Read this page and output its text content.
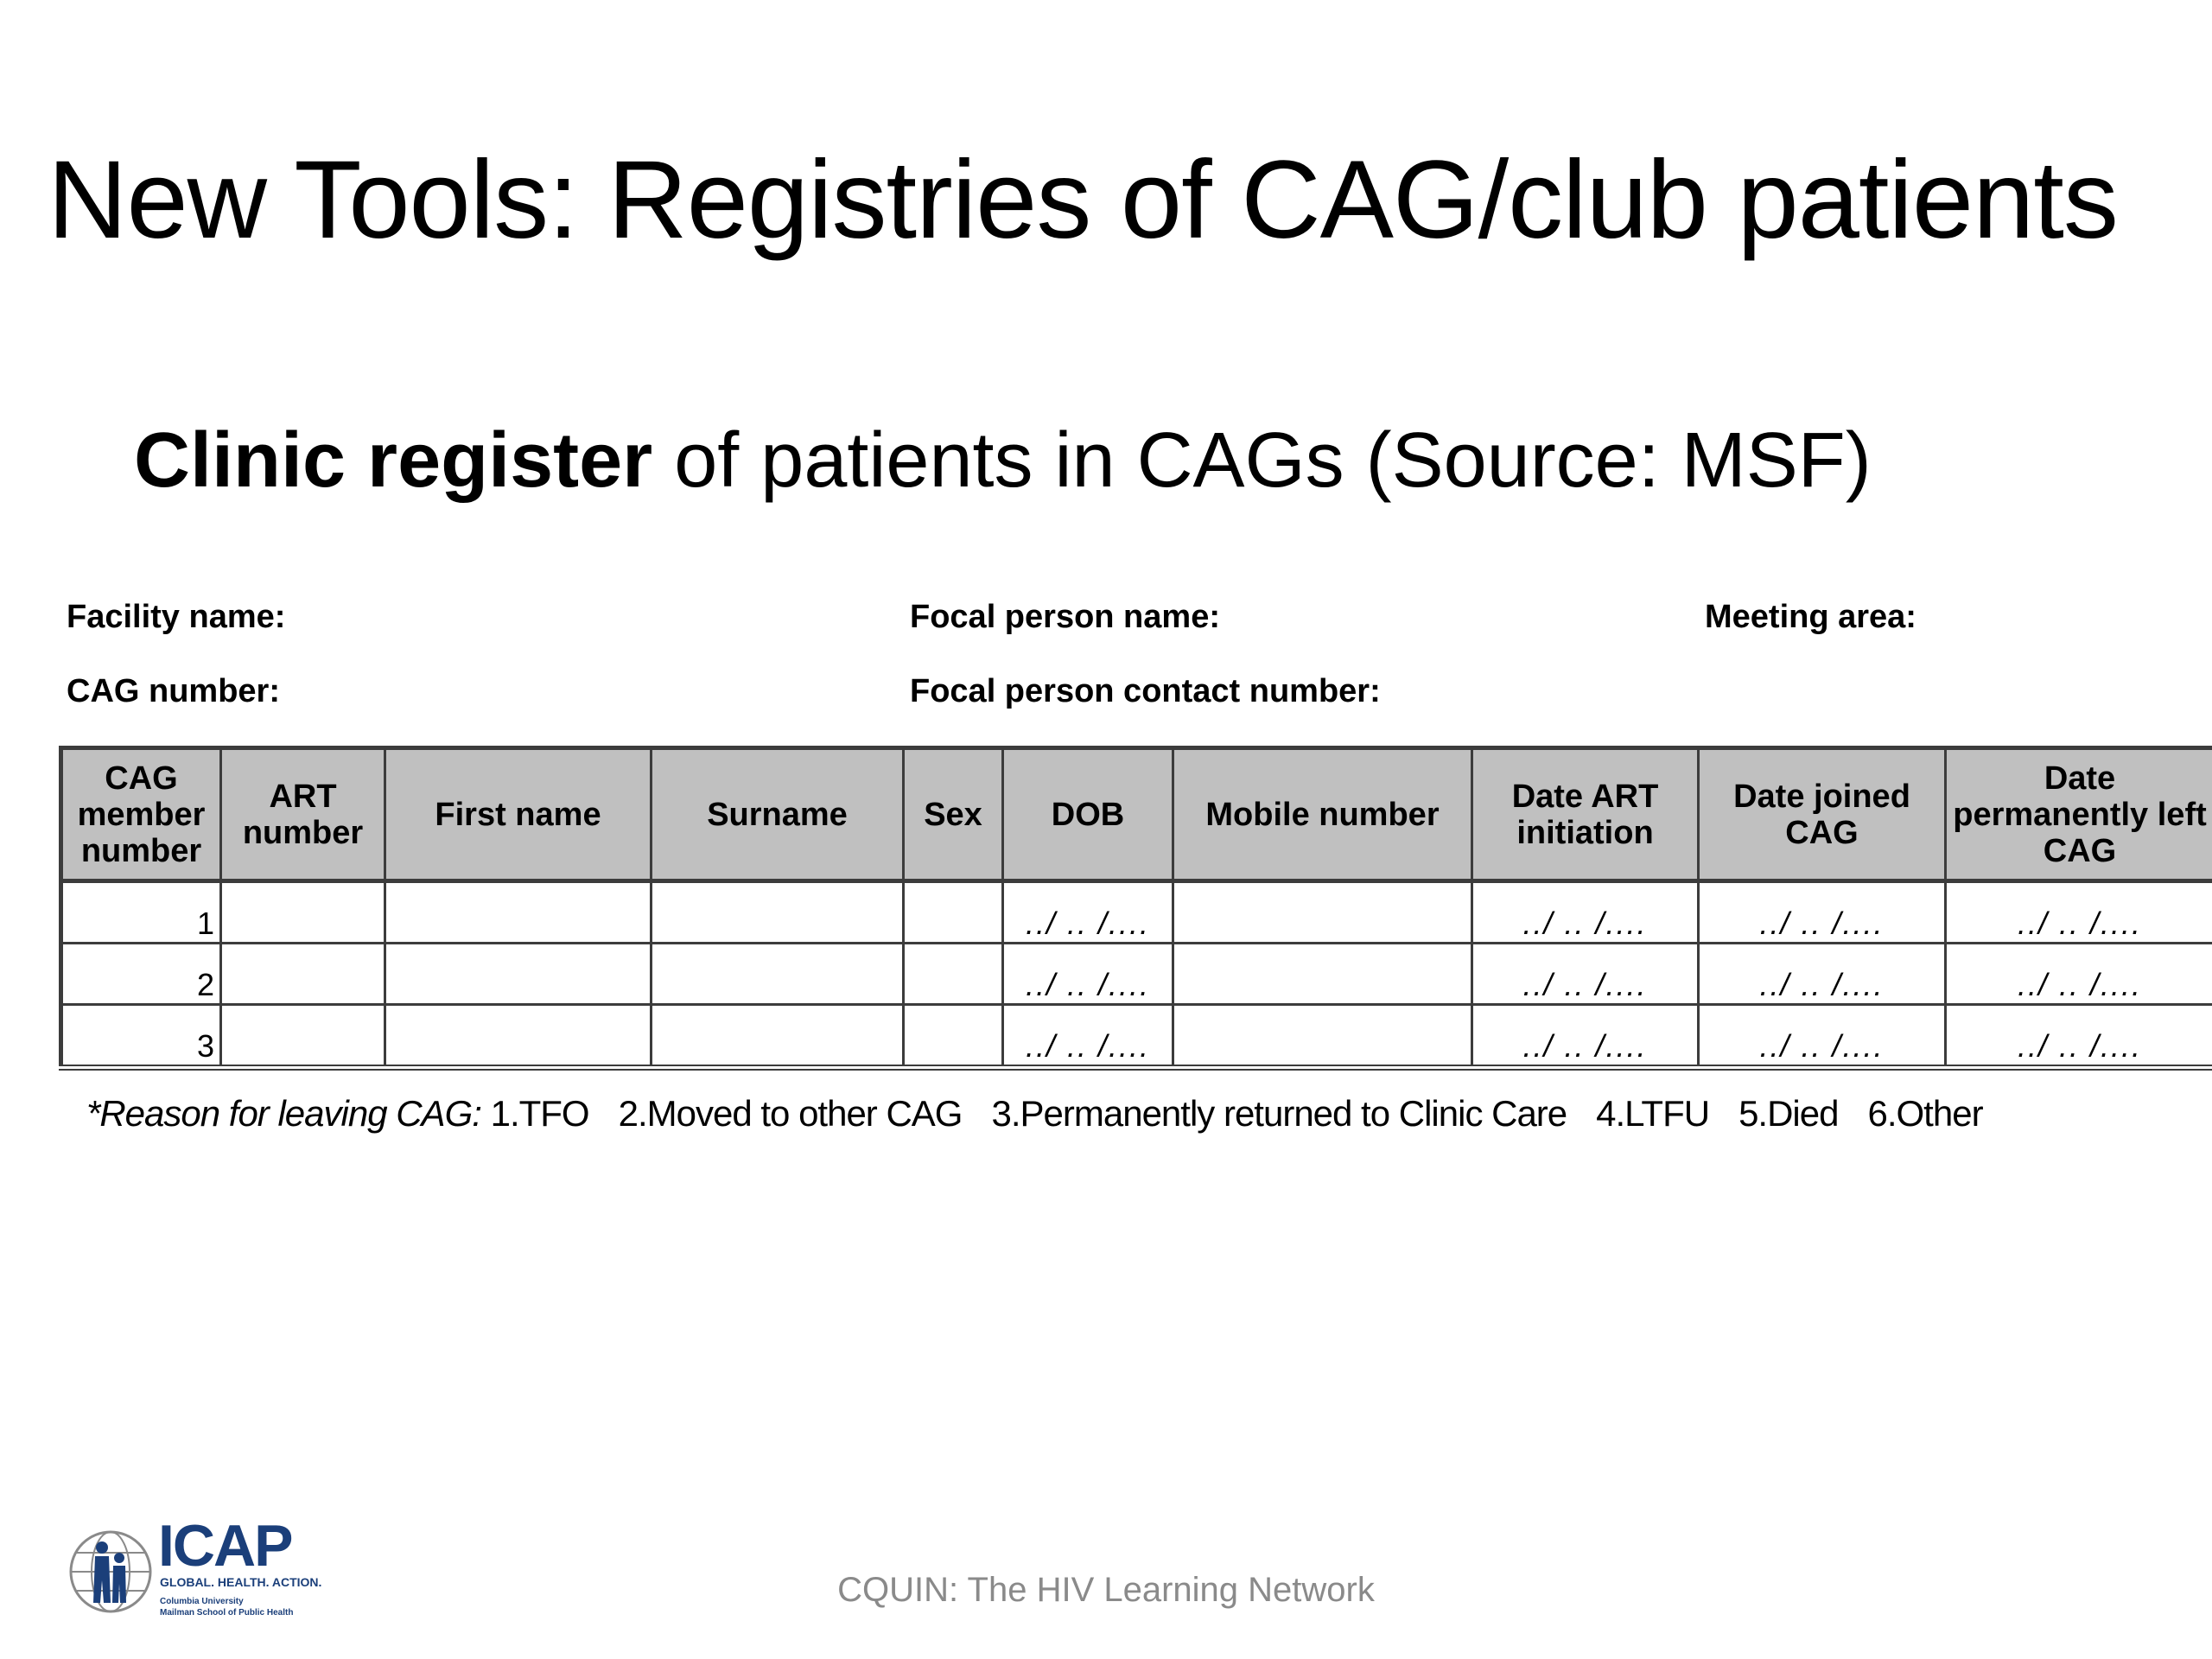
New Tools: Registries of CAG/club patients
Clinic register of patients in CAGs (Source: MSF)
Facility name:	Focal person name:	Meeting area:
CAG number:	Focal person contact number:
CAG member number	ART number	First name	Surname	Sex	DOB	Mobile number	Date ART initiation	Date joined CAG	Date permanently left CAG
1					../ .. /....		../ .. /....	../ .. /....	../ .. /....
2					../ .. /....		../ .. /....	../ .. /....	../ .. /....
3					../ .. /....		../ .. /....	../ .. /....	../ .. /....
*Reason for leaving CAG: 1.TFO 2.Moved to other CAG 3.Permanently returned to Clinic Care 4.LTFU 5.Died 6.Other
ICAP
GLOBAL. HEALTH. ACTION.
Columbia University
Mailman School of Public Health
CQUIN: The HIV Learning Network
